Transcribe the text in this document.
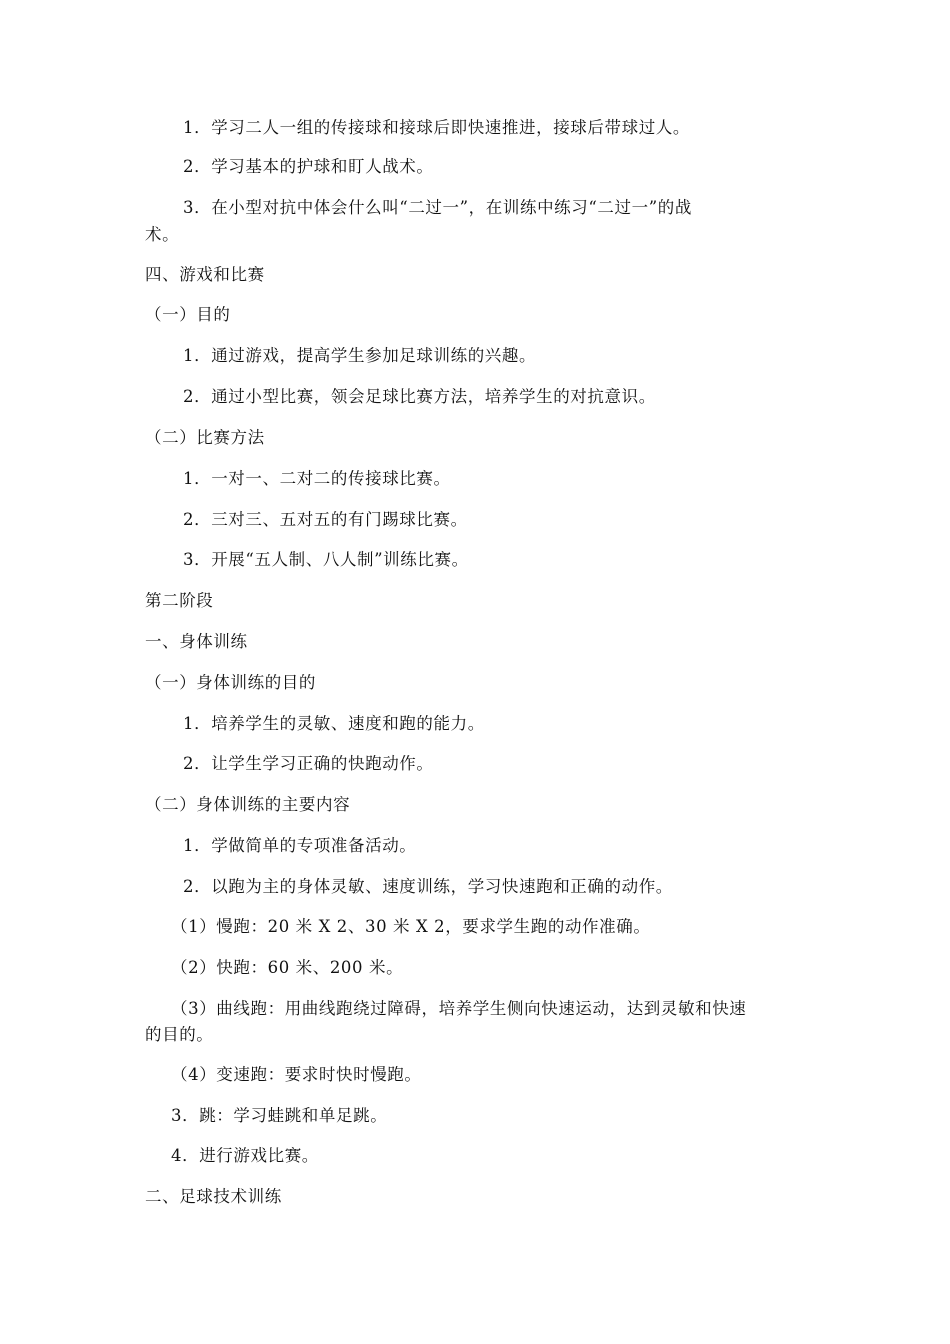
1．学习二人一组的传接球和接球后即快速推进，接球后带球过人。
2．学习基本的护球和盯人战术。
3．在小型对抗中体会什么叫“二过一”，在训练中练习“二过一”的战
术。
四、游戏和比赛
（一）目的
1．通过游戏，提高学生参加足球训练的兴趣。
2．通过小型比赛，领会足球比赛方法，培养学生的对抗意识。
（二）比赛方法
1．一对一、二对二的传接球比赛。
2．三对三、五对五的有门踢球比赛。
3．开展“五人制、八人制”训练比赛。
第二阶段
一、身体训练
（一）身体训练的目的
1．培养学生的灵敏、速度和跑的能力。
2．让学生学习正确的快跑动作。
（二）身体训练的主要内容
1．学做简单的专项准备活动。
2．以跑为主的身体灵敏、速度训练，学习快速跑和正确的动作。
（1）慢跑：20 米 X 2、30 米 X 2，要求学生跑的动作准确。
（2）快跑：60 米、200 米。
（3）曲线跑：用曲线跑绕过障碍，培养学生侧向快速运动，达到灵敏和快速
的目的。
（4）变速跑：要求时快时慢跑。
3．跳：学习蛙跳和单足跳。
4．进行游戏比赛。
二、足球技术训练
